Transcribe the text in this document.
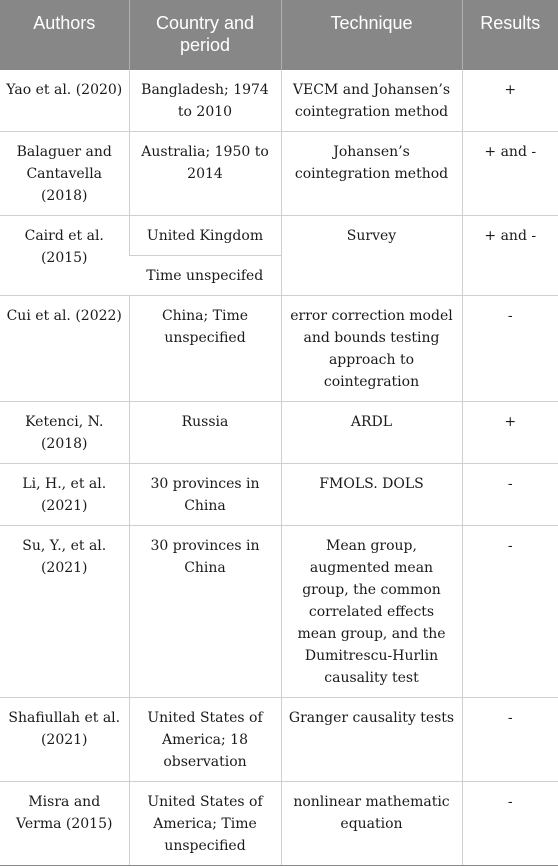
Authors	Country and period	Technique	Results
Yao et al. (2020)	Bangladesh; 1974 to 2010	VECM and Johansen’s cointegration method	+
Balaguer and Cantavella (2018)	Australia; 1950 to 2014	Johansen’s cointegration method	+ and -
Caird et al. (2015)	United Kingdom	Survey	+ and -
	Time unspecifed		
Cui et al. (2022)	China; Time unspecified	error correction model and bounds testing approach to cointegration	-
Ketenci, N. (2018)	Russia	ARDL	+
Li, H., et al. (2021)	30 provinces in China	FMOLS. DOLS	-
Su, Y., et al. (2021)	30 provinces in China	Mean group, augmented mean group, the common correlated effects mean group, and the Dumitrescu-Hurlin causality test	-
Shafiullah et al. (2021)	United States of America; 18 observation	Granger causality tests	-
Misra and Verma (2015)	United States of America; Time unspecified	nonlinear mathematic equation	-
